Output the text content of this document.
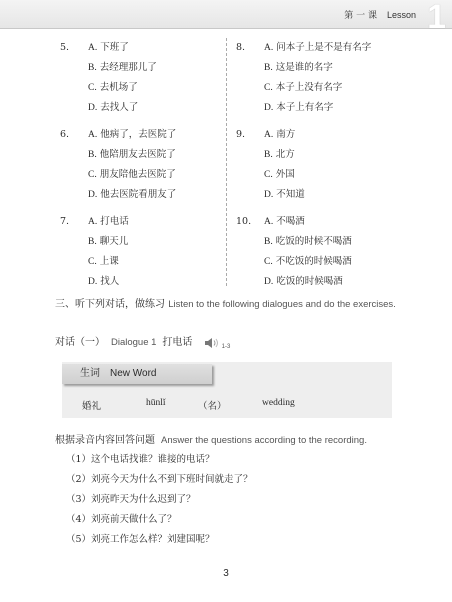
第 一 课 Lesson 1
5. A. 下班了
B. 去经理那儿了
C. 去机场了
D. 去找人了
6. A. 他病了，去医院了
B. 他陪朋友去医院了
C. 朋友陪他去医院了
D. 他去医院看朋友了
7. A. 打电话
B. 聊天儿
C. 上课
D. 找人
8. A. 问本子上是不是有名字
B. 这是谁的名字
C. 本子上没有名字
D. 本子上有名字
9. A. 南方
B. 北方
C. 外国
D. 不知道
10. A. 不喝酒
B. 吃饭的时候不喝酒
C. 不吃饭的时候喝酒
D. 吃饭的时候喝酒
三、听下列对话，做练习 Listen to the following dialogues and do the exercises.
对话（一） Dialogue 1 打电话	$_{1-3}$
生词 New Word
婚礼	hūnlǐ	（名）	wedding
根据录音内容回答问题 Answer the questions according to the recording.
（1）这个电话找谁？谁接的电话？
（2）刘亮今天为什么不到下班时间就走了？
（3）刘亮昨天为什么迟到了？
（4）刘亮前天做什么了？
（5）刘亮工作怎么样？刘建国呢？
3
